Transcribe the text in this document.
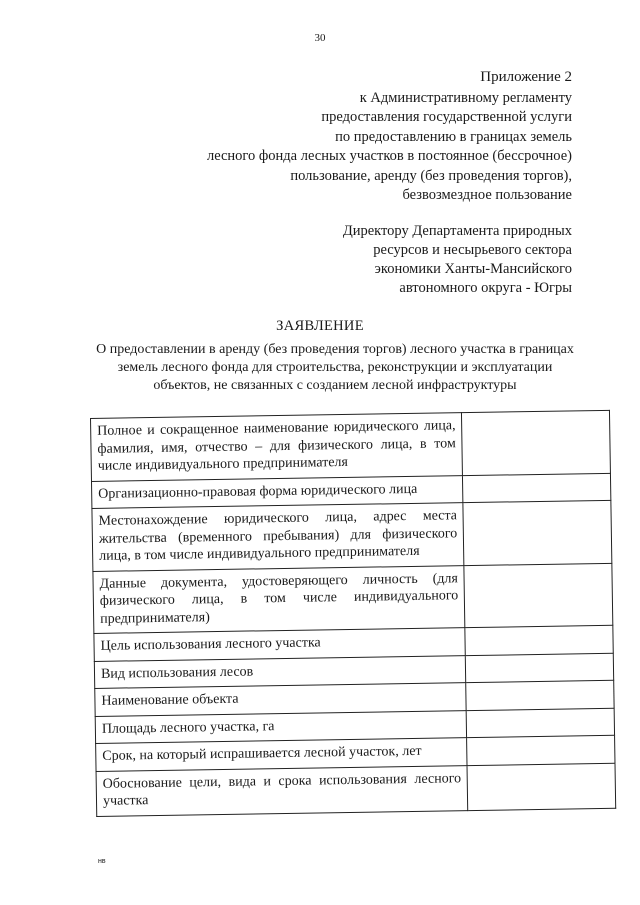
30
Приложение 2
к Административному регламенту
предоставления государственной услуги
по предоставлению в границах земель
лесного фонда лесных участков в постоянное (бессрочное)
пользование, аренду (без проведения торгов),
безвозмездное пользование
Директору Департамента природных
ресурсов и несырьевого сектора
экономики Ханты-Мансийского
автономного округа - Югры
ЗАЯВЛЕНИЕ
О предоставлении в аренду (без проведения торгов) лесного участка в границах
земель лесного фонда для строительства, реконструкции и эксплуатации
объектов, не связанных с созданием лесной инфраструктуры
Полное и сокращенное наименование юридического лица, фамилия, имя, отчество – для физического лица, в том числе индивидуального предпринимателя	
Организационно-правовая форма юридического лица	
Местонахождение юридического лица, адрес места жительства (временного пребывания) для физического лица, в том числе индивидуального предпринимателя	
Данные документа, удостоверяющего личность (для физического лица, в том числе индивидуального предпринимателя)	
Цель использования лесного участка	
Вид использования лесов	
Наименование объекта	
Площадь лесного участка, га	
Срок, на который испрашивается лесной участок, лет	
Обоснование цели, вида и срока использования лесного участка	
нв
